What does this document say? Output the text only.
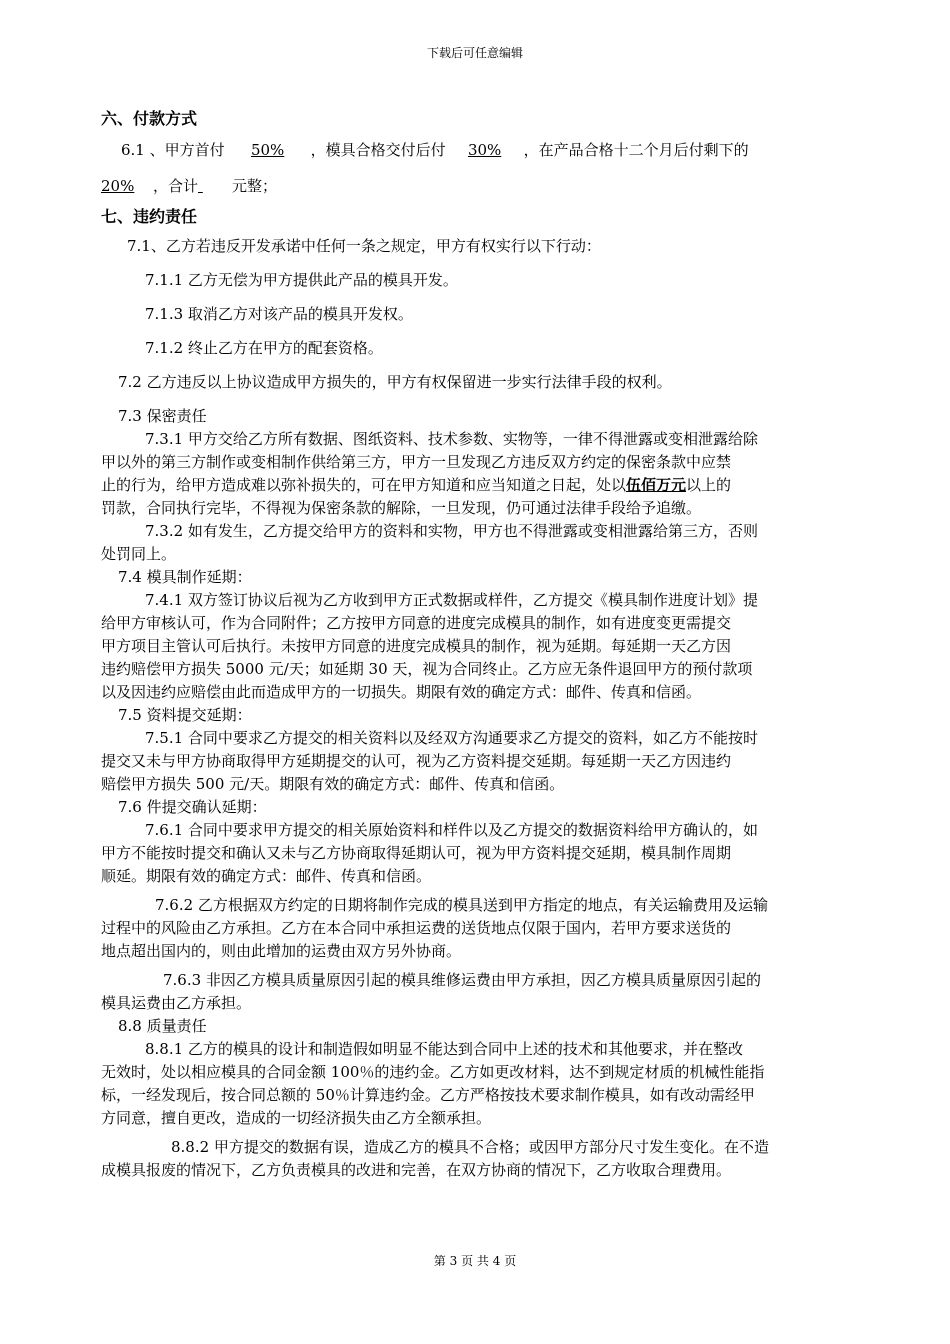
下载后可任意编辑
六、付款方式

6.1 、甲方首付 50% ，模具合格交付后付 30% ，在产品合格十二个月后付剩下的

20% ，合计 元整；

七、违约责任

7.1、乙方若违反开发承诺中任何一条之规定，甲方有权实行以下行动：

7.1.1 乙方无偿为甲方提供此产品的模具开发。

7.1.3 取消乙方对该产品的模具开发权。

7.1.2 终止乙方在甲方的配套资格。

7.2 乙方违反以上协议造成甲方损失的，甲方有权保留进一步实行法律手段的权利。

7.3 保密责任

7.3.1 甲方交给乙方所有数据、图纸资料、技术参数、实物等，一律不得泄露或变相泄露给除

甲以外的第三方制作或变相制作供给第三方，甲方一旦发现乙方违反双方约定的保密条款中应禁

止的行为，给甲方造成难以弥补损失的，可在甲方知道和应当知道之日起，处以伍佰万元以上的

罚款，合同执行完毕，不得视为保密条款的解除，一旦发现，仍可通过法律手段给予追缴。

7.3.2 如有发生，乙方提交给甲方的资料和实物，甲方也不得泄露或变相泄露给第三方，否则

处罚同上。

7.4 模具制作延期：

7.4.1 双方签订协议后视为乙方收到甲方正式数据或样件，乙方提交《模具制作进度计划》提

给甲方审核认可，作为合同附件；乙方按甲方同意的进度完成模具的制作，如有进度变更需提交

甲方项目主管认可后执行。未按甲方同意的进度完成模具的制作，视为延期。每延期一天乙方因

违约赔偿甲方损失 5000 元/天；如延期 30 天，视为合同终止。乙方应无条件退回甲方的预付款项

以及因违约应赔偿由此而造成甲方的一切损失。期限有效的确定方式：邮件、传真和信函。

7.5 资料提交延期：

7.5.1 合同中要求乙方提交的相关资料以及经双方沟通要求乙方提交的资料，如乙方不能按时

提交又未与甲方协商取得甲方延期提交的认可，视为乙方资料提交延期。每延期一天乙方因违约

赔偿甲方损失 500 元/天。期限有效的确定方式：邮件、传真和信函。

7.6 件提交确认延期：

7.6.1 合同中要求甲方提交的相关原始资料和样件以及乙方提交的数据资料给甲方确认的，如

甲方不能按时提交和确认又未与乙方协商取得延期认可，视为甲方资料提交延期，模具制作周期

顺延。期限有效的确定方式：邮件、传真和信函。

7.6.2 乙方根据双方约定的日期将制作完成的模具送到甲方指定的地点，有关运输费用及运输

过程中的风险由乙方承担。乙方在本合同中承担运费的送货地点仅限于国内，若甲方要求送货的

地点超出国内的，则由此增加的运费由双方另外协商。

7.6.3 非因乙方模具质量原因引起的模具维修运费由甲方承担，因乙方模具质量原因引起的

模具运费由乙方承担。

8.8 质量责任

8.8.1 乙方的模具的设计和制造假如明显不能达到合同中上述的技术和其他要求，并在整改

无效时，处以相应模具的合同金额 100％的违约金。乙方如更改材料，达不到规定材质的机械性能指

标，一经发现后，按合同总额的 50％计算违约金。乙方严格按技术要求制作模具，如有改动需经甲

方同意，擅自更改，造成的一切经济损失由乙方全额承担。

8.8.2 甲方提交的数据有误，造成乙方的模具不合格；或因甲方部分尺寸发生变化。在不造

成模具报废的情况下，乙方负责模具的改进和完善，在双方协商的情况下，乙方收取合理费用。

第 3 页 共 4 页
